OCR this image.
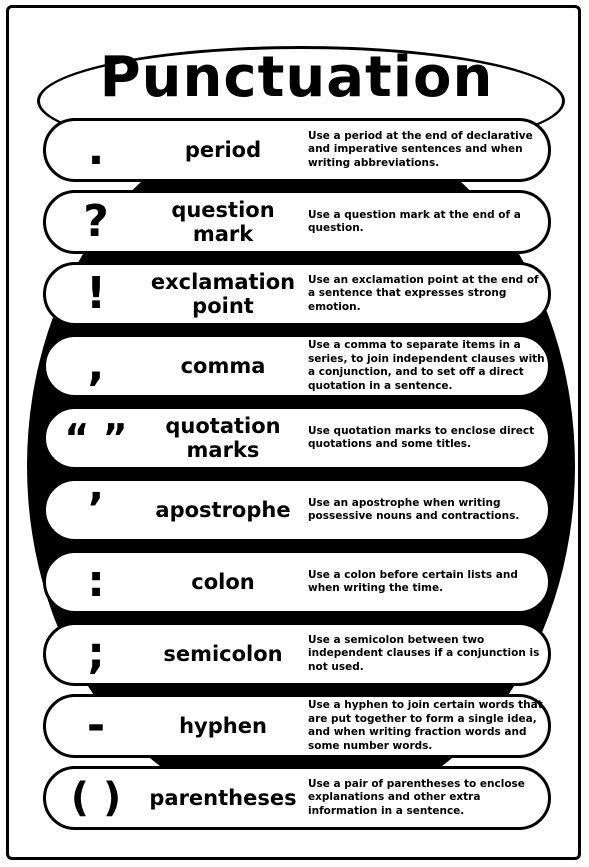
Punctuation
.	period
Use a period at the end of declarative and imperative sentences and when writing abbreviations.
?	question
mark
Use a question mark at the end of a question.
!	exclamation
point
Use an exclamation point at the end of a sentence that expresses strong emotion.
,	comma
Use a comma to separate items in a series, to join independent clauses with a conjunction, and to set off a direct quotation in a sentence.
“ ”	quotation
marks
Use quotation marks to enclose direct quotations and some titles.
’	apostrophe	Use an apostrophe when writing possessive nouns and contractions.
:	colon	Use a colon before certain lists and when writing the time.
;	semicolon
Use a semicolon between two independent clauses if a conjunction is not used.
-	hyphen
Use a hyphen to join certain words that are put together to form a single idea, and when writing fraction words and some number words.
( )	parentheses
Use a pair of parentheses to enclose explanations and other extra information in a sentence.
